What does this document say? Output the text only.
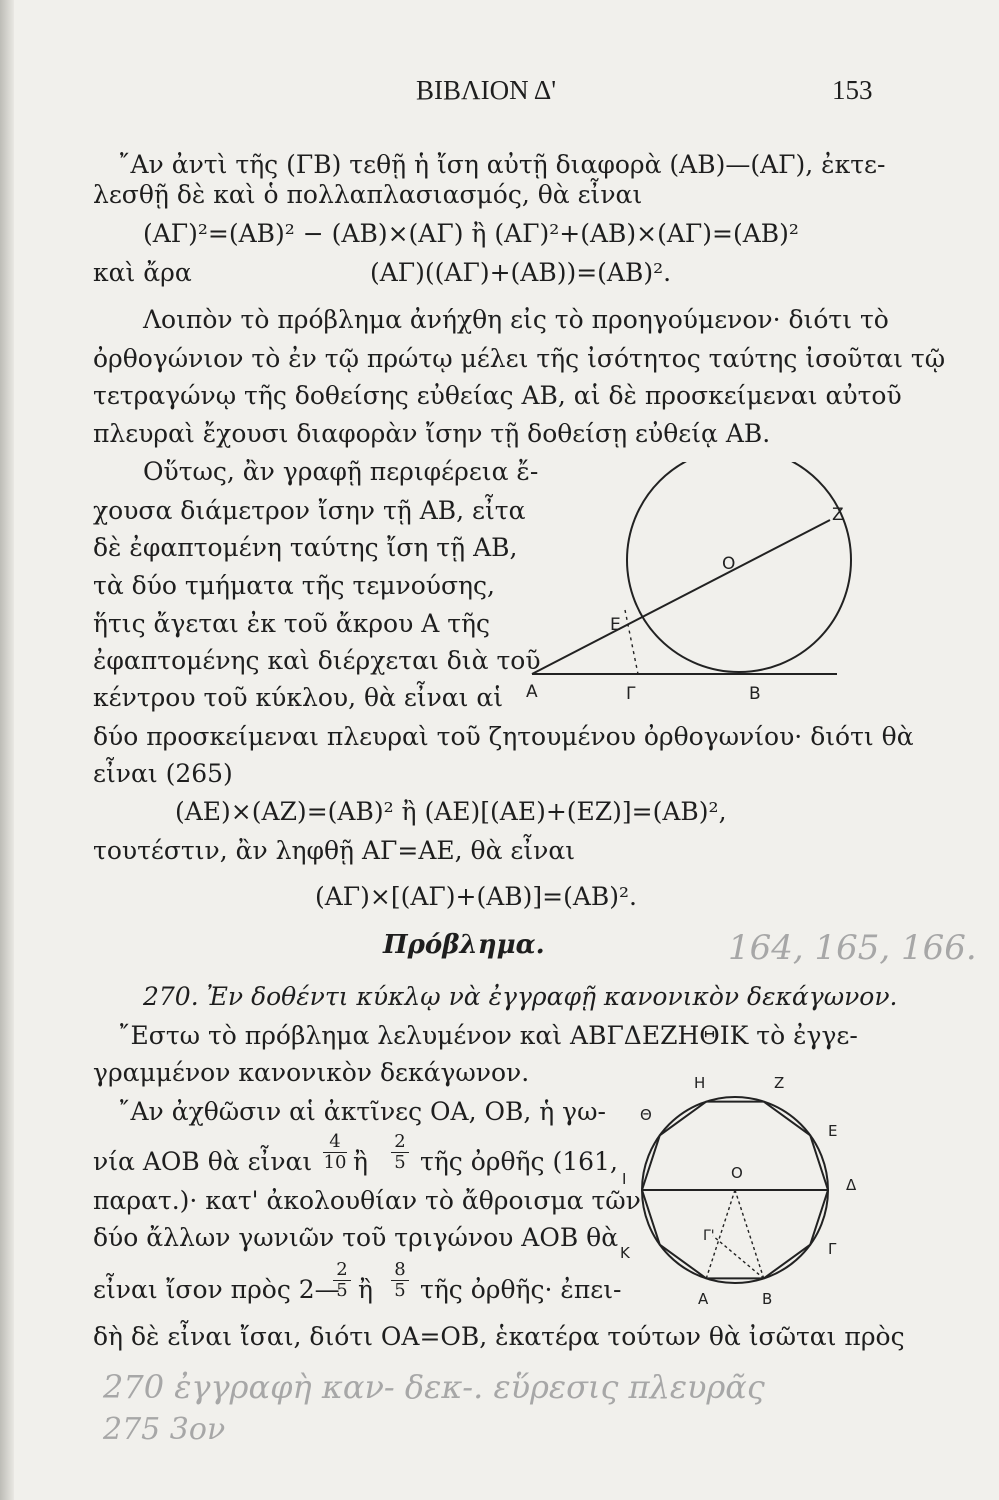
ΒΙΒΛΙΟΝ Δ'	153
῎Αν ἀντὶ τῆς (ΓΒ) τεθῇ ἡ ἴση αὐτῇ διαφορὰ (ΑΒ)—(ΑΓ), ἐκτε-
λεσθῇ δὲ καὶ ὁ πολλαπλασιασμός, θὰ εἶναι
(ΑΓ)²=(ΑΒ)² − (ΑΒ)×(ΑΓ) ἢ (ΑΓ)²+(ΑΒ)×(ΑΓ)=(ΑΒ)²
καὶ ἄρα	(ΑΓ)((ΑΓ)+(ΑΒ))=(ΑΒ)².
Λοιπὸν τὸ πρόβλημα ἀνήχθη εἰς τὸ προηγούμενον· διότι τὸ
ὀρθογώνιον τὸ ἐν τῷ πρώτῳ μέλει τῆς ἰσότητος ταύτης ἰσοῦται τῷ
τετραγώνῳ τῆς δοθείσης εὐθείας ΑΒ, αἱ δὲ προσκείμεναι αὐτοῦ
πλευραὶ ἔχουσι διαφορὰν ἴσην τῇ δοθείσῃ εὐθείᾳ ΑΒ.
Οὕτως, ἂν γραφῇ περιφέρεια ἔ-
χουσα διάμετρον ἴσην τῇ ΑΒ, εἶτα
δὲ ἐφαπτομένη ταύτης ἴση τῇ ΑΒ,
τὰ δύο τμήματα τῆς τεμνούσης,
ἥτις ἄγεται ἐκ τοῦ ἄκρου Α τῆς
ἐφαπτομένης καὶ διέρχεται διὰ τοῦ
κέντρου τοῦ κύκλου, θὰ εἶναι αἱ A	Γ	B
E
O
Z
δύο προσκείμεναι πλευραὶ τοῦ ζητουμένου ὀρθογωνίου· διότι θὰ
εἶναι (265)
(ΑΕ)×(ΑΖ)=(ΑΒ)² ἢ (ΑΕ)[(ΑΕ)+(ΕΖ)]=(ΑΒ)²,
τουτέστιν, ἂν ληφθῇ ΑΓ=ΑΕ, θὰ εἶναι
(ΑΓ)×[(ΑΓ)+(ΑΒ)]=(ΑΒ)².
Πρόβλημα.
270. Ἐν δοθέντι κύκλῳ νὰ ἐγγραφῇ κανονικὸν δεκάγωνον.
῎Εστω τὸ πρόβλημα λελυμένον καὶ ΑΒΓΔΕΖΗΘΙΚ τὸ ἐγγε-
γραμμένον κανονικὸν δεκάγωνον.
῎Αν ἀχθῶσιν αἱ ἀκτῖνες ΟΑ, ΟΒ, ἡ γω-
νία ΑΟΒ θὰ εἶναι $\frac{4}{10}$ ἢ $\frac{2}{5}$ τῆς ὀρθῆς (161,
παρατ.)· κατ' ἀκολουθίαν τὸ ἄθροισμα τῶν
δύο ἄλλων γωνιῶν τοῦ τριγώνου ΑΟΒ θὰ
εἶναι ἴσον πρὸς 2—
$\frac{2}{5}$ ἢ $\frac{8}{5}$ τῆς ὀρθῆς· ἐπει-
δὴ δὲ εἶναι ἴσαι, διότι ΟΑ=ΟΒ, ἑκατέρα τούτων θὰ ἰσῶται πρὸς
H	Z
Θ
E
I	O
Δ
Γ'
K	Γ
A	B
164, 165, 166.
270 ἐγγραφὴ καν- δεκ-. εὕρεσις πλευρᾶς
275 3ον
